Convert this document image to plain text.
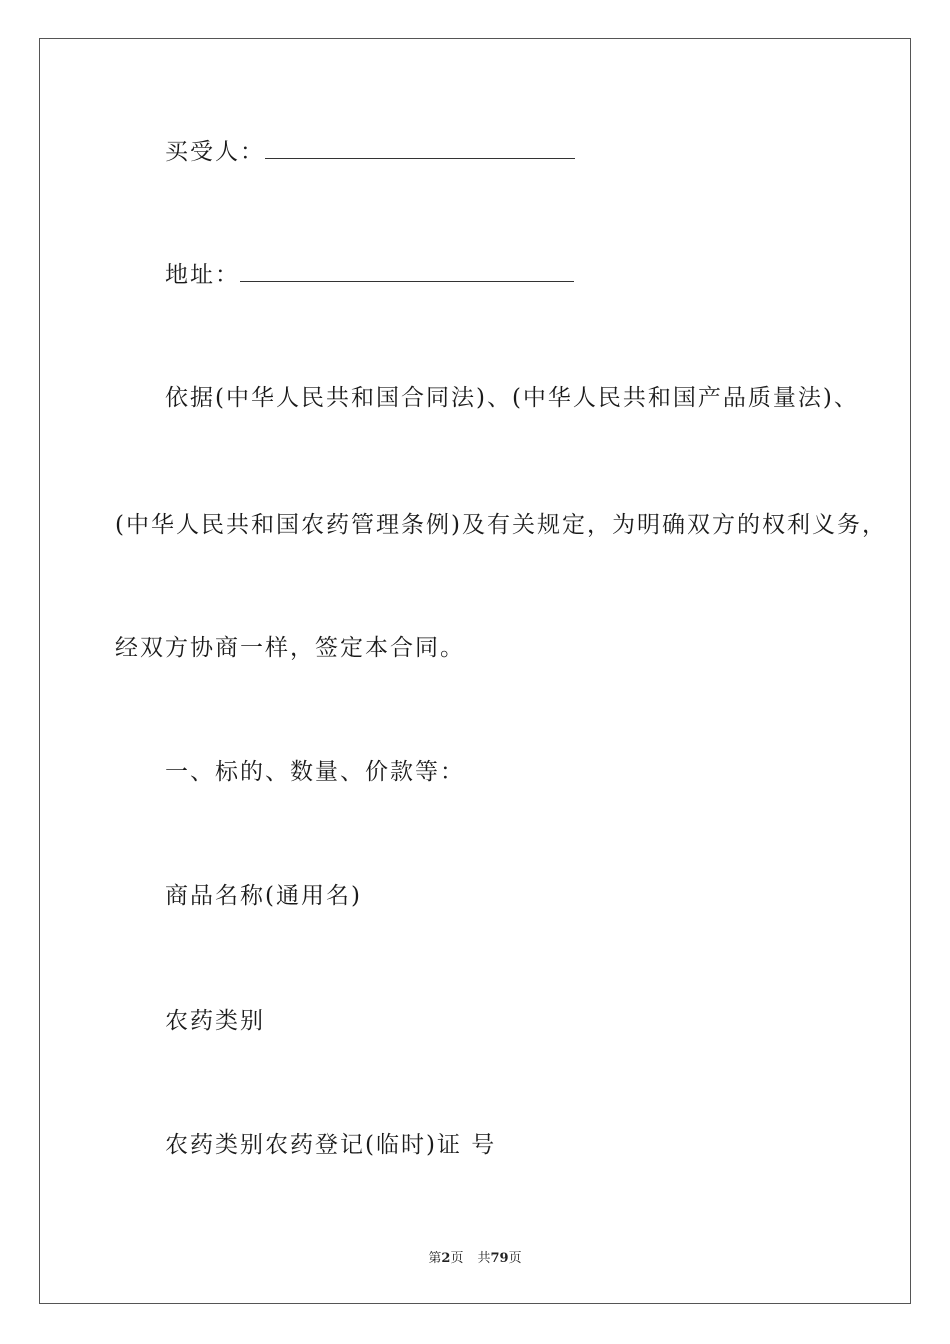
买受人：
地址：
依据(中华人民共和国合同法)、(中华人民共和国产品质量法)、
(中华人民共和国农药管理条例)及有关规定，为明确双方的权利义务，
经双方协商一样，签定本合同。
一、标的、数量、价款等：
商品名称(通用名)
农药类别
农药类别农药登记(临时)证 号
第2页 共79页
